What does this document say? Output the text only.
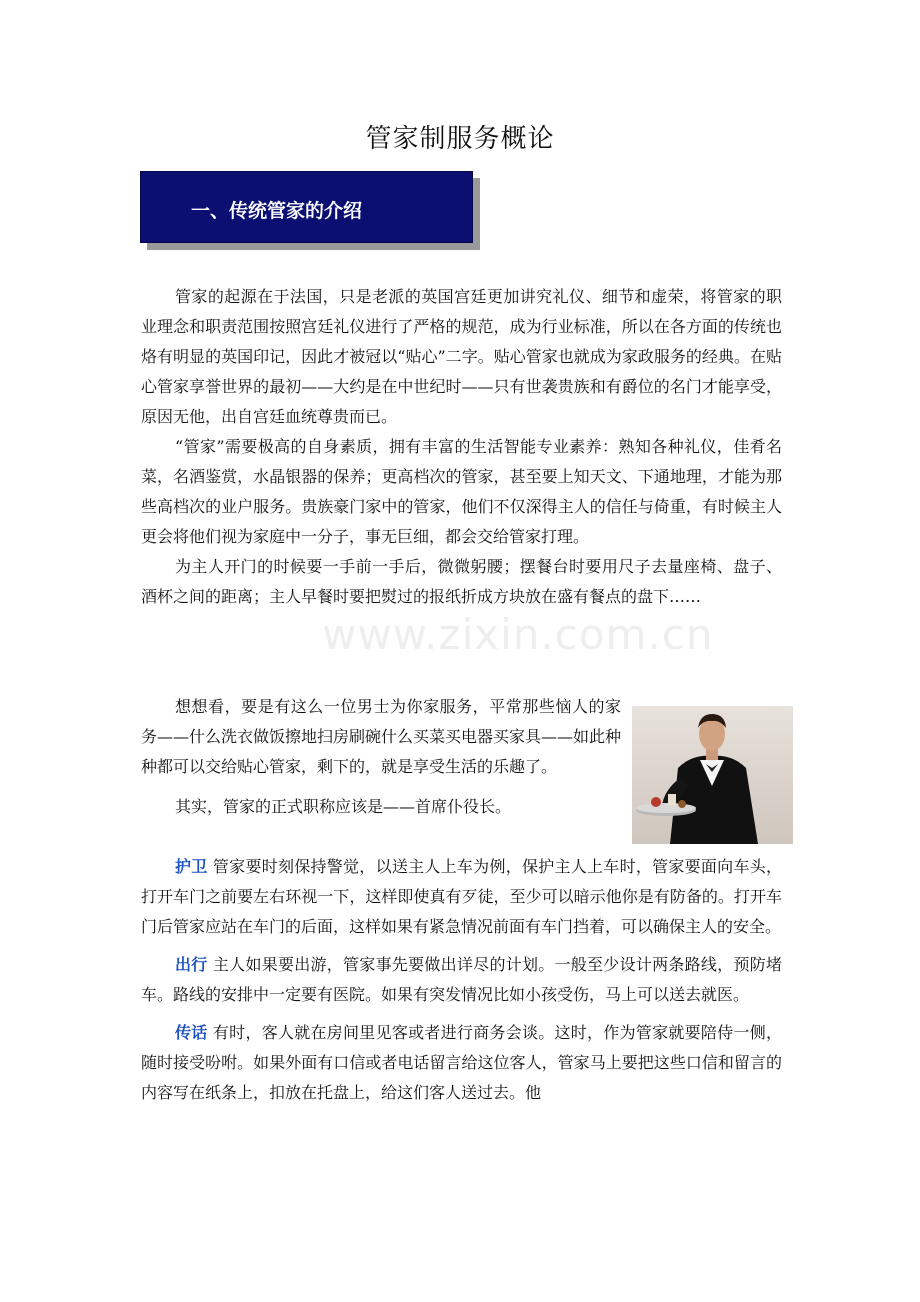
管家制服务概论
一、传统管家的介绍

管家的起源在于法国，只是老派的英国宫廷更加讲究礼仪、细节和虚荣，将管家的职业理念和职责范围按照宫廷礼仪进行了严格的规范，成为行业标准，所以在各方面的传统也烙有明显的英国印记，因此才被冠以“贴心”二字。贴心管家也就成为家政服务的经典。在贴心管家享誉世界的最初——大约是在中世纪时——只有世袭贵族和有爵位的名门才能享受，原因无他，出自宫廷血统尊贵而已。

“管家”需要极高的自身素质，拥有丰富的生活智能专业素养：熟知各种礼仪，佳肴名菜，名酒鉴赏，水晶银器的保养；更高档次的管家，甚至要上知天文、下通地理，才能为那些高档次的业户服务。贵族豪门家中的管家，他们不仅深得主人的信任与倚重，有时候主人更会将他们视为家庭中一分子，事无巨细，都会交给管家打理。

为主人开门的时候要一手前一手后，微微躬腰；摆餐台时要用尺子去量座椅、盘子、酒杯之间的距离；主人早餐时要把熨过的报纸折成方块放在盛有餐点的盘下……

www.zixin.com.cn

想想看，要是有这么一位男士为你家服务，平常那些恼人的家务——什么洗衣做饭擦地扫房刷碗什么买菜买电器买家具——如此种种都可以交给贴心管家，剩下的，就是享受生活的乐趣了。

其实，管家的正式职称应该是——首席仆役长。

护卫 管家要时刻保持警觉，以送主人上车为例，保护主人上车时，管家要面向车头，打开车门之前要左右环视一下，这样即使真有歹徒，至少可以暗示他你是有防备的。打开车门后管家应站在车门的后面，这样如果有紧急情况前面有车门挡着，可以确保主人的安全。

出行 主人如果要出游，管家事先要做出详尽的计划。一般至少设计两条路线，预防堵车。路线的安排中一定要有医院。如果有突发情况比如小孩受伤，马上可以送去就医。

传话 有时，客人就在房间里见客或者进行商务会谈。这时，作为管家就要陪侍一侧，随时接受吩咐。如果外面有口信或者电话留言给这位客人，管家马上要把这些口信和留言的内容写在纸条上，扣放在托盘上，给这们客人送过去。他
